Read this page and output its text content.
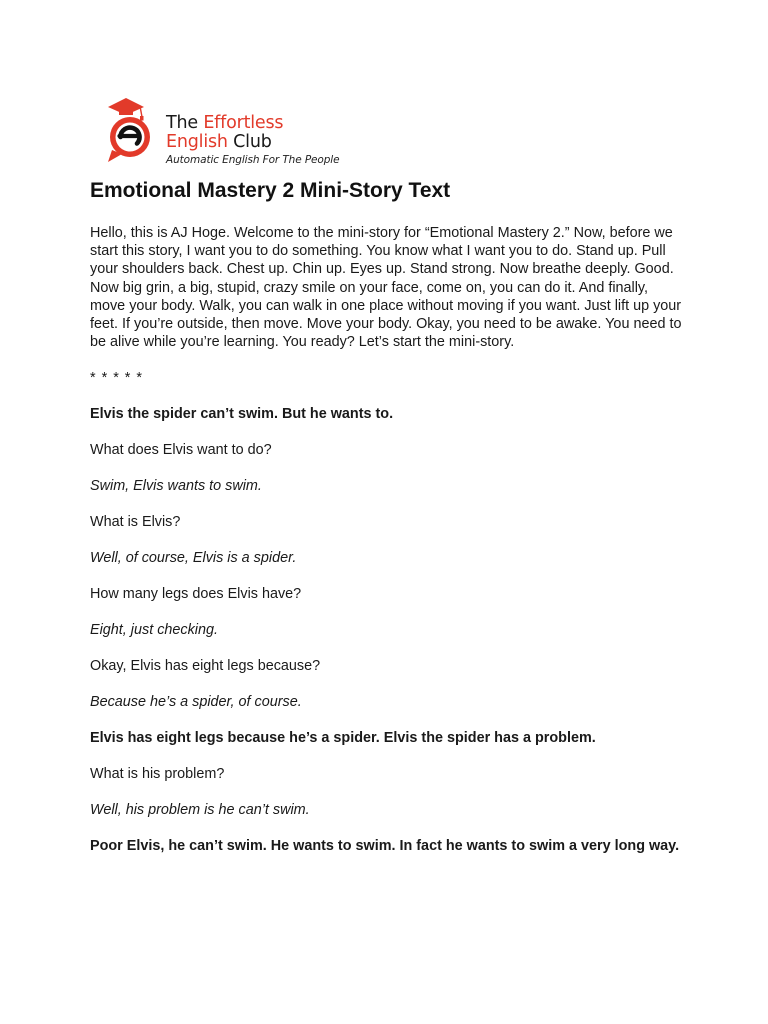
The Effortless
English Club
Automatic English For The People
Emotional Mastery 2 Mini-Story Text

Hello, this is AJ Hoge. Welcome to the mini-story for “Emotional Mastery 2.” Now, before we start this story, I want you to do something. You know what I want you to do. Stand up. Pull your shoulders back. Chest up. Chin up. Eyes up. Stand strong. Now breathe deeply. Good. Now big grin, a big, stupid, crazy smile on your face, come on, you can do it. And finally, move your body. Walk, you can walk in one place without moving if you want. Just lift up your feet. If you’re outside, then move. Move your body. Okay, you need to be awake. You need to be alive while you’re learning. You ready? Let’s start the mini-story.

* * * * *

Elvis the spider can’t swim. But he wants to.

What does Elvis want to do?

Swim, Elvis wants to swim.

What is Elvis?

Well, of course, Elvis is a spider.

How many legs does Elvis have?

Eight, just checking.

Okay, Elvis has eight legs because?

Because he’s a spider, of course.

Elvis has eight legs because he’s a spider. Elvis the spider has a problem.

What is his problem?

Well, his problem is he can’t swim.

Poor Elvis, he can’t swim. He wants to swim. In fact he wants to swim a very long way.
